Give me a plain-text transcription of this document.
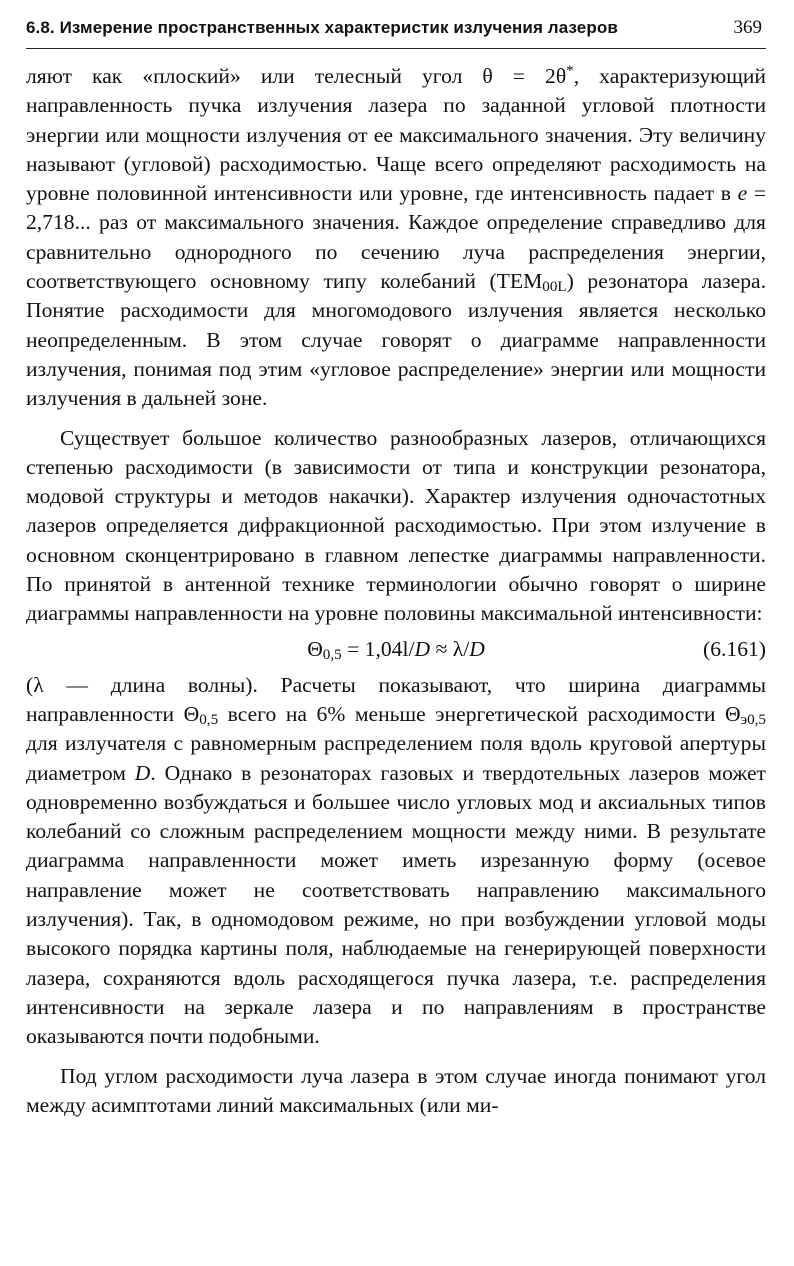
6.8. Измерение пространственных характеристик излучения лазеров	369

ляют как «плоский» или телесный угол θ = 2θ*, характеризующий направленность пучка излучения лазера по заданной угловой плотности энергии или мощности излучения от ее максимального значения. Эту величину называют (угловой) расходимостью. Чаще всего определяют расходимость на уровне половинной интенсивности или уровне, где интенсивность падает в e = 2,718... раз от максимального значения. Каждое определение справедливо для сравнительно однородного по сечению луча распределения энергии, соответствующего основному типу колебаний $(TEM_{00L})$ резонатора лазера. Понятие расходимости для многомодового излучения является несколько неопределенным. В этом случае говорят о диаграмме направленности излучения, понимая под этим «угловое распределение» энергии или мощности излучения в дальней зоне.

Существует большое количество разнообразных лазеров, отличающихся степенью расходимости (в зависимости от типа и конструкции резонатора, модовой структуры и методов накачки). Характер излучения одночастотных лазеров определяется дифракционной расходимостью. При этом излучение в основном сконцентрировано в главном лепестке диаграммы направленности. По принятой в антенной технике терминологии обычно говорят о ширине диаграммы направленности на уровне половины максимальной интенсивности:

$\Theta_{0,5} = 1,04l/D \approx \lambda/D$	(6.161)

(λ — длина волны). Расчеты показывают, что ширина диаграммы направленности $\Theta_{0,5}$ всего на 6% меньше энергетической расходимости $\Theta_{э0,5}$ для излучателя с равномерным распределением поля вдоль круговой апертуры диаметром D. Однако в резонаторах газовых и твердотельных лазеров может одновременно возбуждаться и большее число угловых мод и аксиальных типов колебаний со сложным распределением мощности между ними. В результате диаграмма направленности может иметь изрезанную форму (осевое направление может не соответствовать направлению максимального излучения). Так, в одномодовом режиме, но при возбуждении угловой моды высокого порядка картины поля, наблюдаемые на генерирующей поверхности лазера, сохраняются вдоль расходящегося пучка лазера, т.е. распределения интенсивности на зеркале лазера и по направлениям в пространстве оказываются почти подобными.

Под углом расходимости луча лазера в этом случае иногда понимают угол между асимптотами линий максимальных (или ми-
